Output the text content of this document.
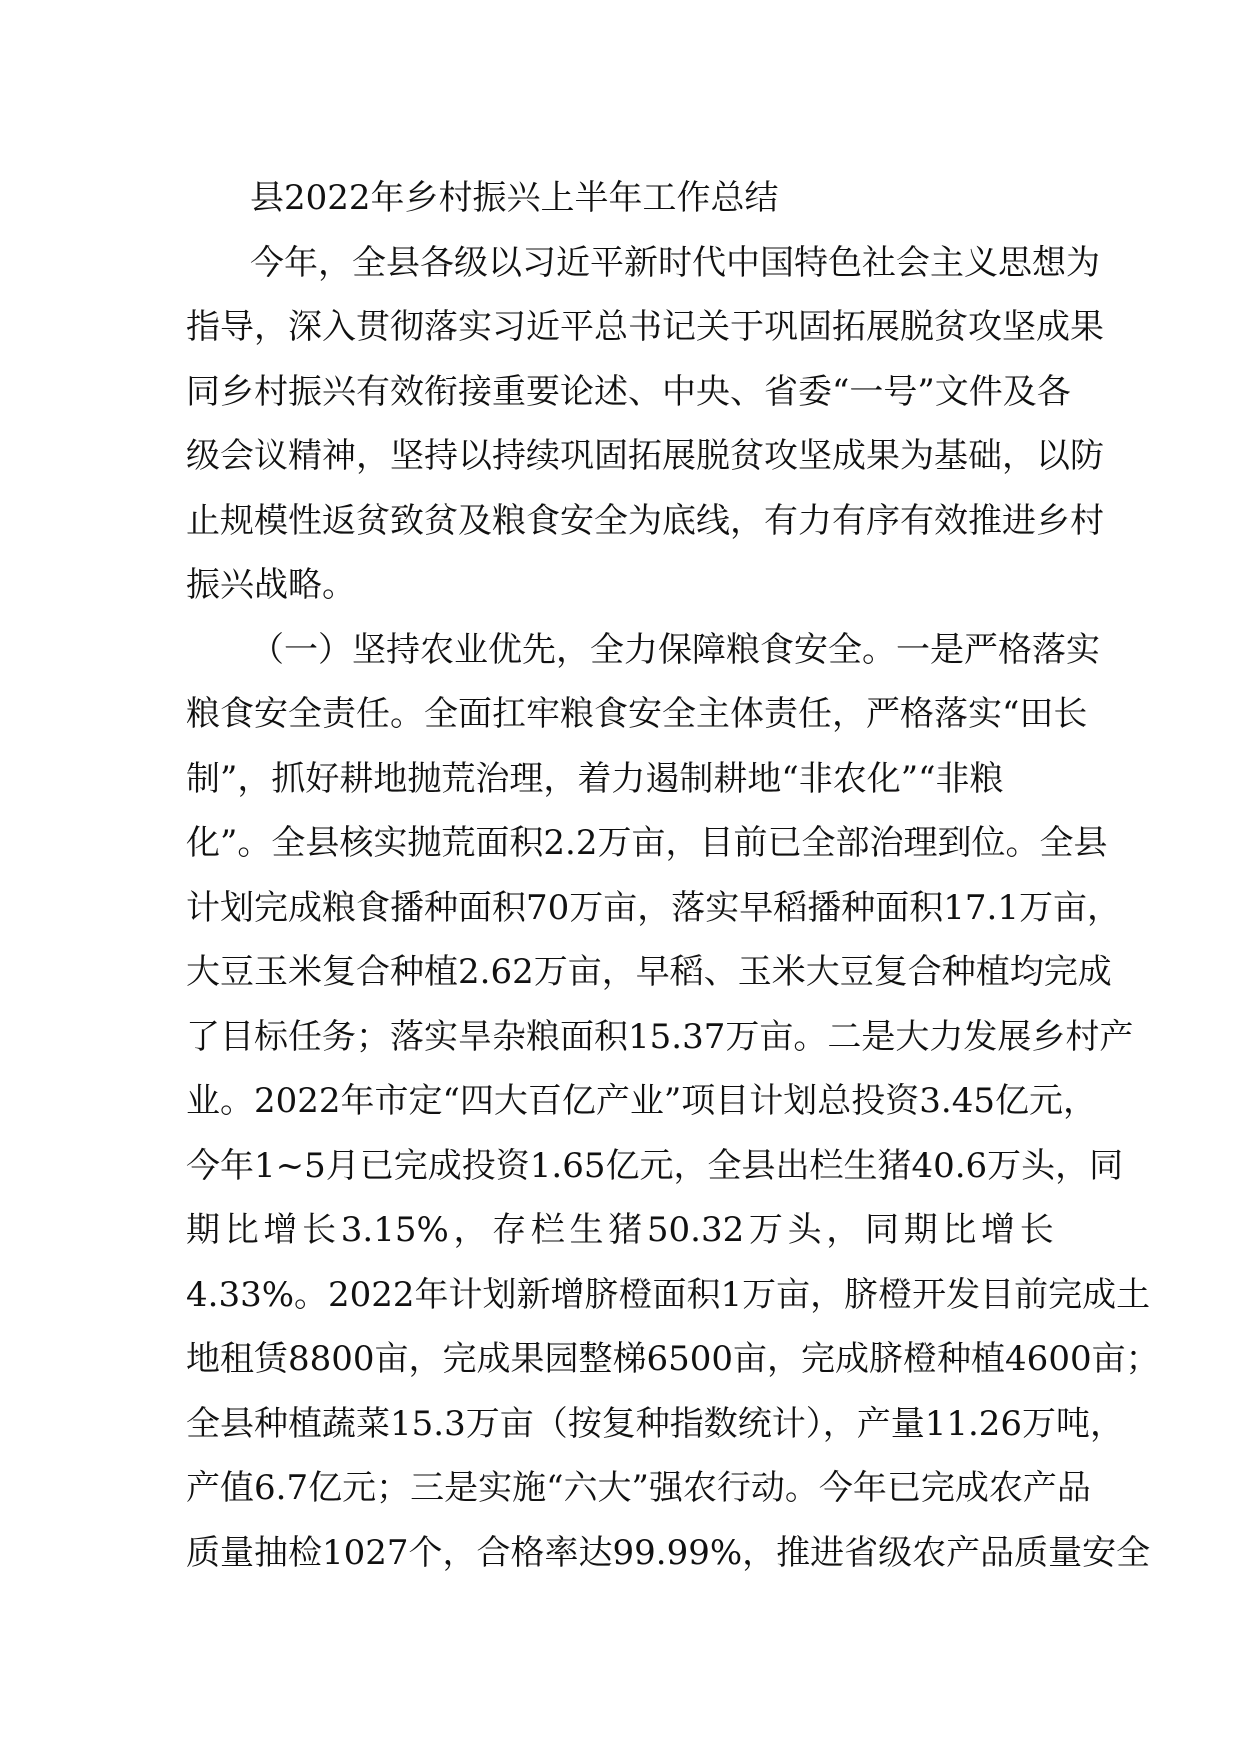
县2022年乡村振兴上半年工作总结
今年，全县各级以习近平新时代中国特色社会主义思想为
指导，深入贯彻落实习近平总书记关于巩固拓展脱贫攻坚成果
同乡村振兴有效衔接重要论述、中央、省委“一号”文件及各
级会议精神，坚持以持续巩固拓展脱贫攻坚成果为基础，以防
止规模性返贫致贫及粮食安全为底线，有力有序有效推进乡村
振兴战略。
（一）坚持农业优先，全力保障粮食安全。一是严格落实
粮食安全责任。全面扛牢粮食安全主体责任，严格落实“田长
制”，抓好耕地抛荒治理，着力遏制耕地“非农化”“非粮
化”。全县核实抛荒面积2.2万亩，目前已全部治理到位。全县
计划完成粮食播种面积70万亩，落实早稻播种面积17.1万亩，
大豆玉米复合种植2.62万亩，早稻、玉米大豆复合种植均完成
了目标任务；落实旱杂粮面积15.37万亩。二是大力发展乡村产
业。2022年市定“四大百亿产业”项目计划总投资3.45亿元，
今年1~5月已完成投资1.65亿元，全县出栏生猪40.6万头，同
期 比 增 长 3.15% ， 存 栏 生 猪 50.32 万 头 ， 同 期 比 增 长
4.33%。2022年计划新增脐橙面积1万亩，脐橙开发目前完成土
地租赁8800亩，完成果园整梯6500亩，完成脐橙种植4600亩；
全县种植蔬菜15.3万亩（按复种指数统计），产量11.26万吨，
产值6.7亿元；三是实施“六大”强农行动。今年已完成农产品
质量抽检1027个，合格率达99.99%，推进省级农产品质量安全
